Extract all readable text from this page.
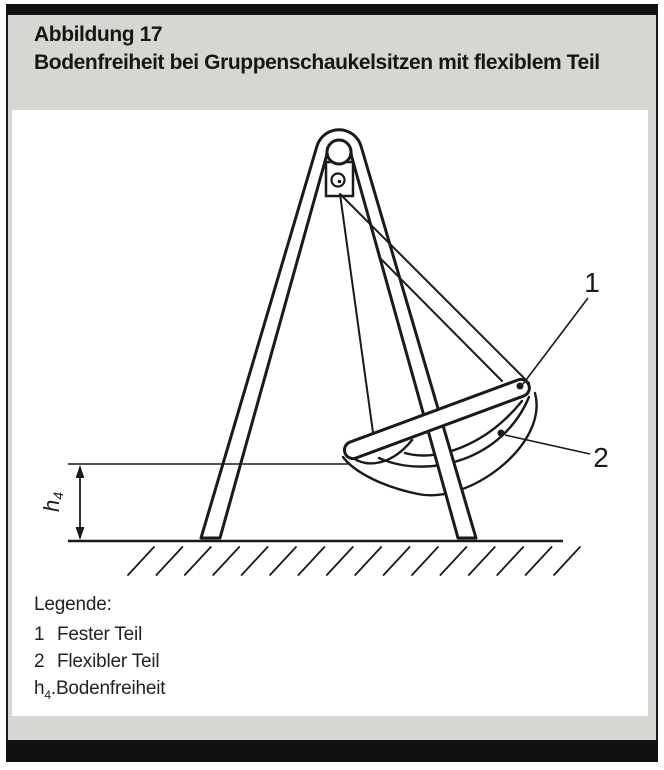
Abbildung 17
Bodenfreiheit bei Gruppenschaukelsitzen mit flexiblem Teil
1
2
h4
Legende:
1 Fester Teil
2 Flexibler Teil
$h_4.Bodenfreiheit$
